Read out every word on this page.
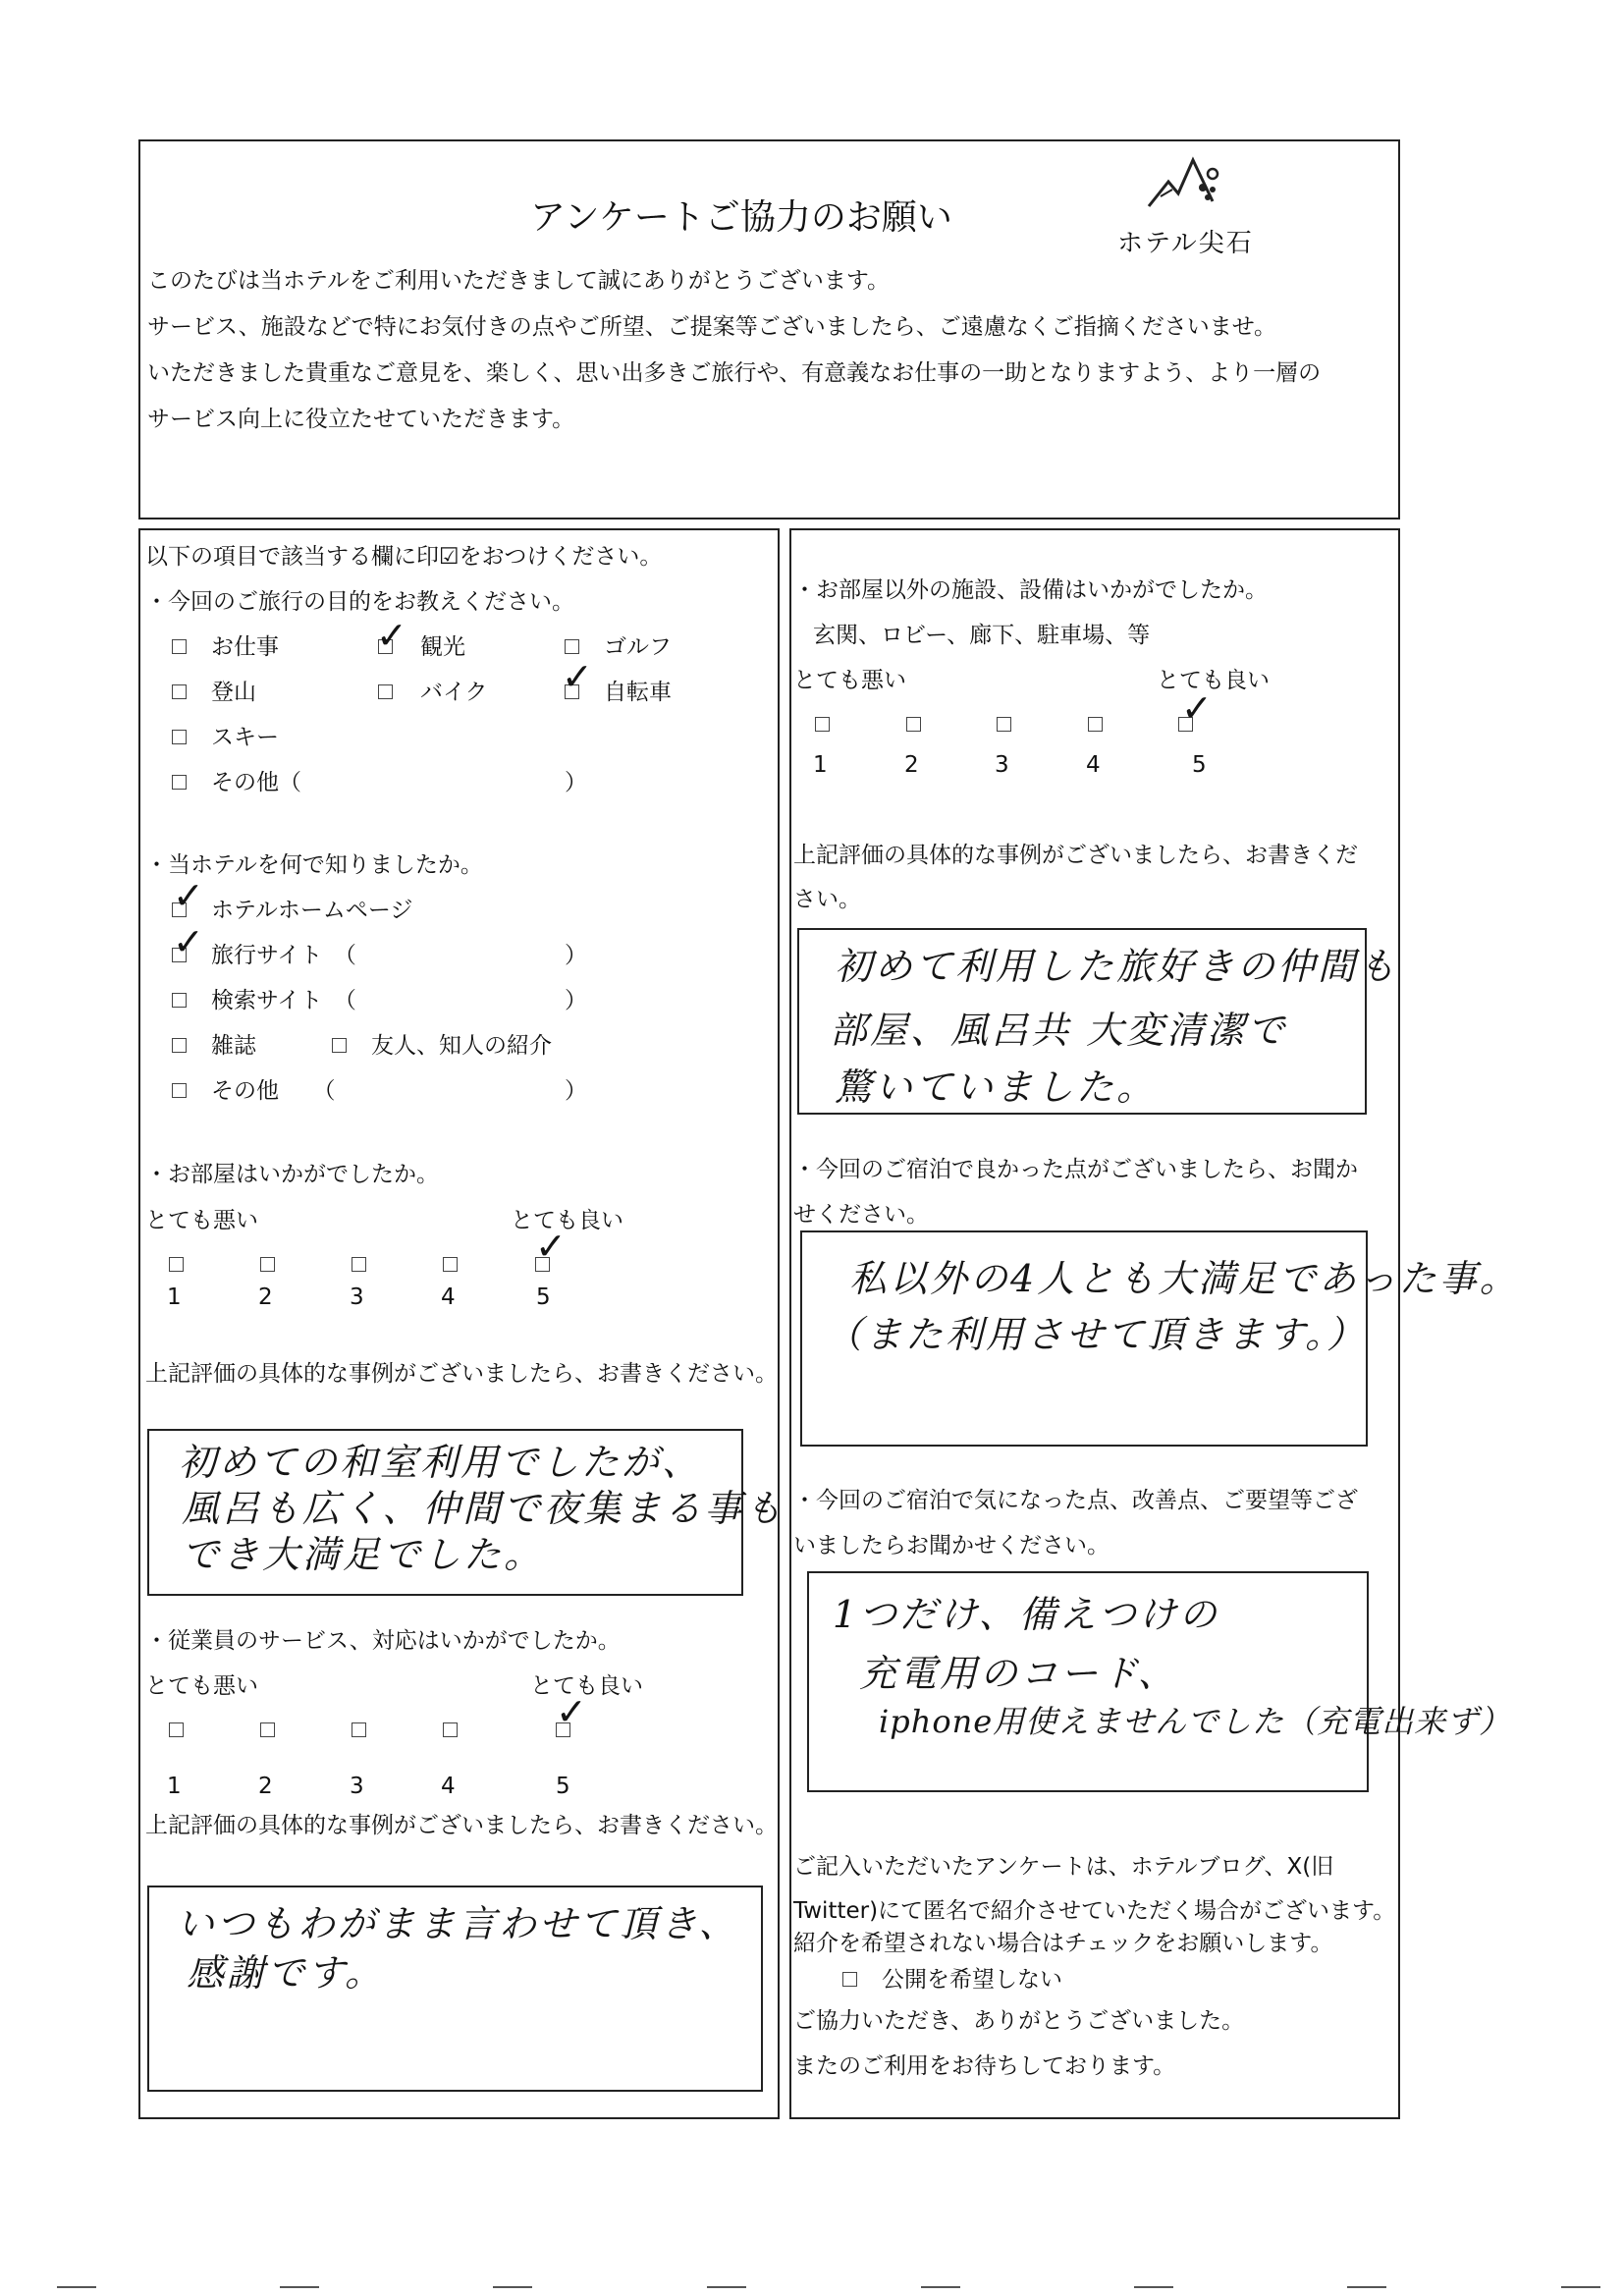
アンケートご協力のお願い
ホテル尖石
このたびは当ホテルをご利用いただきまして誠にありがとうございます。
サービス、施設などで特にお気付きの点やご所望、ご提案等ございましたら、ご遠慮なくご指摘くださいませ。
いただきました貴重なご意見を、楽しく、思い出多きご旅行や、有意義なお仕事の一助となりますよう、より一層の
サービス向上に役立たせていただきます。
以下の項目で該当する欄に印☑をおつけください。
・今回のご旅行の目的をお教えください。
お仕事	✓ 観光	ゴルフ
登山	バイク ✓ 自転車
スキー
その他（	）
・当ホテルを何で知りましたか。
✓ ホテルホームページ
✓ 旅行サイト　（	）
検索サイト　（	）
雑誌	友人、知人の紹介
その他　　（	）
・お部屋はいかがでしたか。
とても悪い	とても良い
✓
1	2	3	4	5
上記評価の具体的な事例がございましたら、お書きください。
初めての和室利用でしたが、
風呂も広く、仲間で夜集まる事も
でき大満足でした。
・従業員のサービス、対応はいかがでしたか。
とても悪い	とても良い
✓
1	2	3	4	5
上記評価の具体的な事例がございましたら、お書きください。
いつもわがまま言わせて頂き、
感謝です。
・お部屋以外の施設、設備はいかがでしたか。
玄関、ロビー、廊下、駐車場、等
とても悪い	とても良い
✓
1	2	3	4	5
上記評価の具体的な事例がございましたら、お書きくだ
さい。
初めて利用した旅好きの仲間も
部屋、風呂共 大変清潔で
驚いていました。
・今回のご宿泊で良かった点がございましたら、お聞か
せください。
私以外の4人とも大満足であった事。
（また利用させて頂きます。）
・今回のご宿泊で気になった点、改善点、ご要望等ござ
いましたらお聞かせください。
1つだけ、備えつけの
充電用のコード、
iphone用使えませんでした（充電出来ず）
ご記入いただいたアンケートは、ホテルブログ、X(旧
Twitter)にて匿名で紹介させていただく場合がございます。
紹介を希望されない場合はチェックをお願いします。
公開を希望しない
ご協力いただき、ありがとうございました。
またのご利用をお待ちしております。
